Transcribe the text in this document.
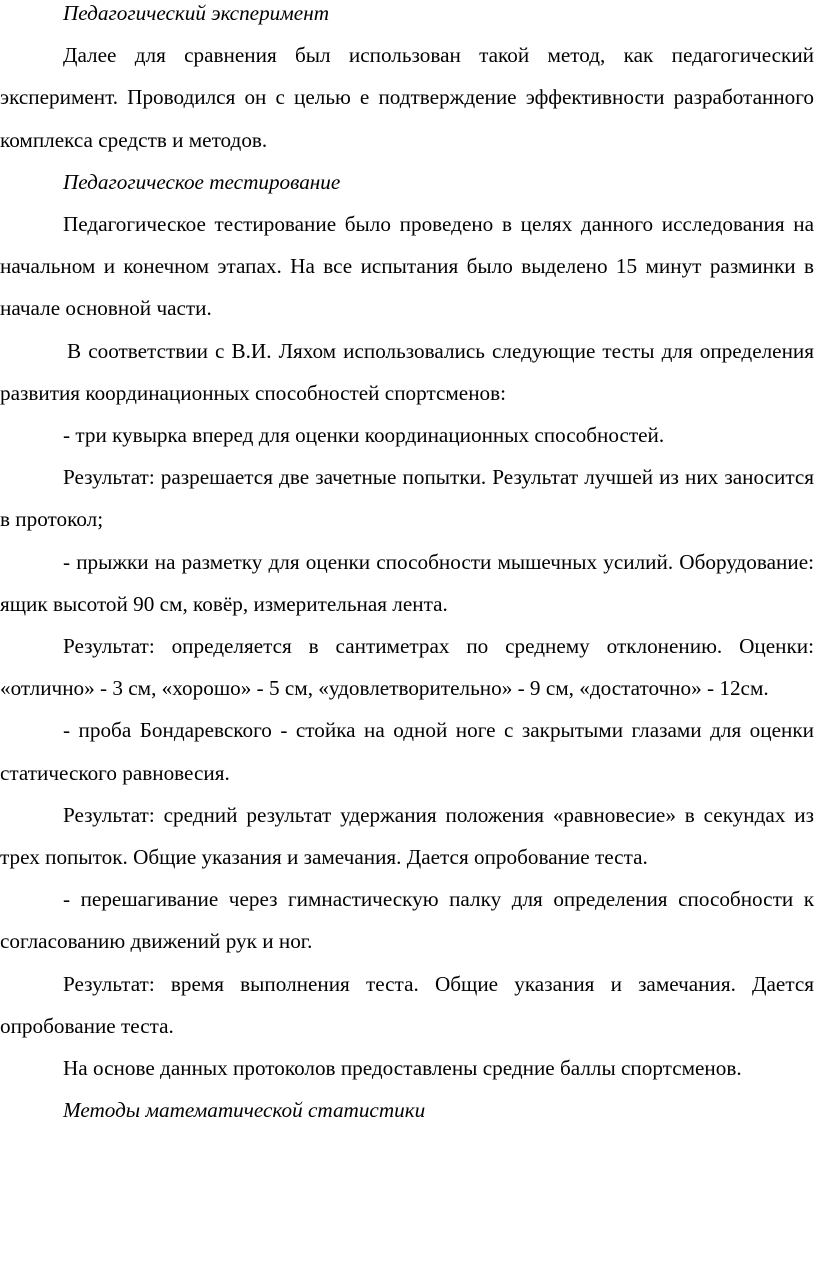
Педагогический эксперимент

Далее для сравнения был использован такой метод, как педагогический эксперимент. Проводился он с целью е подтверждение эффективности разработанного комплекса средств и методов.

Педагогическое тестирование

Педагогическое тестирование было проведено в целях данного исследования на начальном и конечном этапах. На все испытания было выделено 15 минут разминки в начале основной части.

В соответствии с В.И. Ляхом использовались следующие тесты для определения развития координационных способностей спортсменов:

- три кувырка вперед для оценки координационных способностей.

Результат: разрешается две зачетные попытки. Результат лучшей из них заносится в протокол;

- прыжки на разметку для оценки способности мышечных усилий. Оборудование: ящик высотой 90 см, ковёр, измерительная лента.

Результат: определяется в сантиметрах по среднему отклонению. Оценки: «отлично» - 3 см, «хорошо» - 5 см, «удовлетворительно» - 9 см, «достаточно» - 12см.

- проба Бондаревского - стойка на одной ноге с закрытыми глазами для оценки статического равновесия.

Результат: средний результат удержания положения «равновесие» в секундах из трех попыток. Общие указания и замечания. Дается опробование теста.

- перешагивание через гимнастическую палку для определения способности к согласованию движений рук и ног.

Результат: время выполнения теста. Общие указания и замечания. Дается опробование теста.

На основе данных протоколов предоставлены средние баллы спортсменов.

Методы математической статистики
